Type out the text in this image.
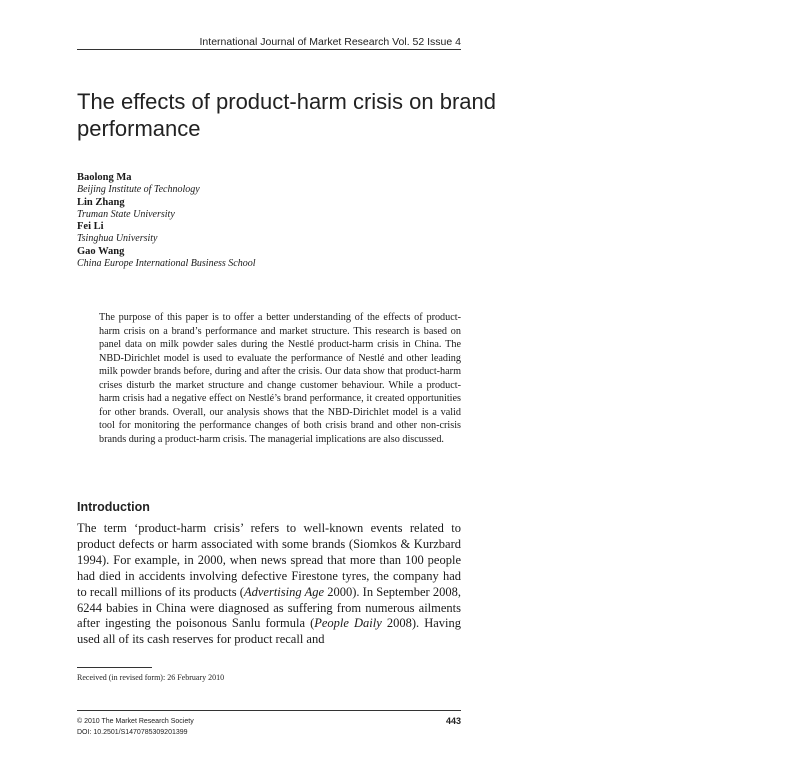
International Journal of Market Research Vol. 52 Issue 4
The effects of product-harm crisis on brand performance
Baolong Ma
Beijing Institute of Technology
Lin Zhang
Truman State University
Fei Li
Tsinghua University
Gao Wang
China Europe International Business School

The purpose of this paper is to offer a better understanding of the effects of product-harm crisis on a brand’s performance and market structure. This research is based on panel data on milk powder sales during the Nestlé product-harm crisis in China. The NBD-Dirichlet model is used to evaluate the performance of Nestlé and other leading milk powder brands before, during and after the crisis. Our data show that product-harm crises disturb the market structure and change customer behaviour. While a product-harm crisis had a negative effect on Nestlé’s brand performance, it created opportunities for other brands. Overall, our analysis shows that the NBD-Dirichlet model is a valid tool for monitoring the performance changes of both crisis brand and other non-crisis brands during a product-harm crisis. The managerial implications are also discussed.

Introduction

The term ‘product-harm crisis’ refers to well-known events related to product defects or harm associated with some brands (Siomkos & Kurzbard 1994). For example, in 2000, when news spread that more than 100 people had died in accidents involving defective Firestone tyres, the company had to recall millions of its products (Advertising Age 2000). In September 2008, 6244 babies in China were diagnosed as suffering from numerous ailments after ingesting the poisonous Sanlu formula (People Daily 2008). Having used all of its cash reserves for product recall and

Received (in revised form): 26 February 2010
© 2010 The Market Research Society
DOI: 10.2501/S1470785309201399
443
